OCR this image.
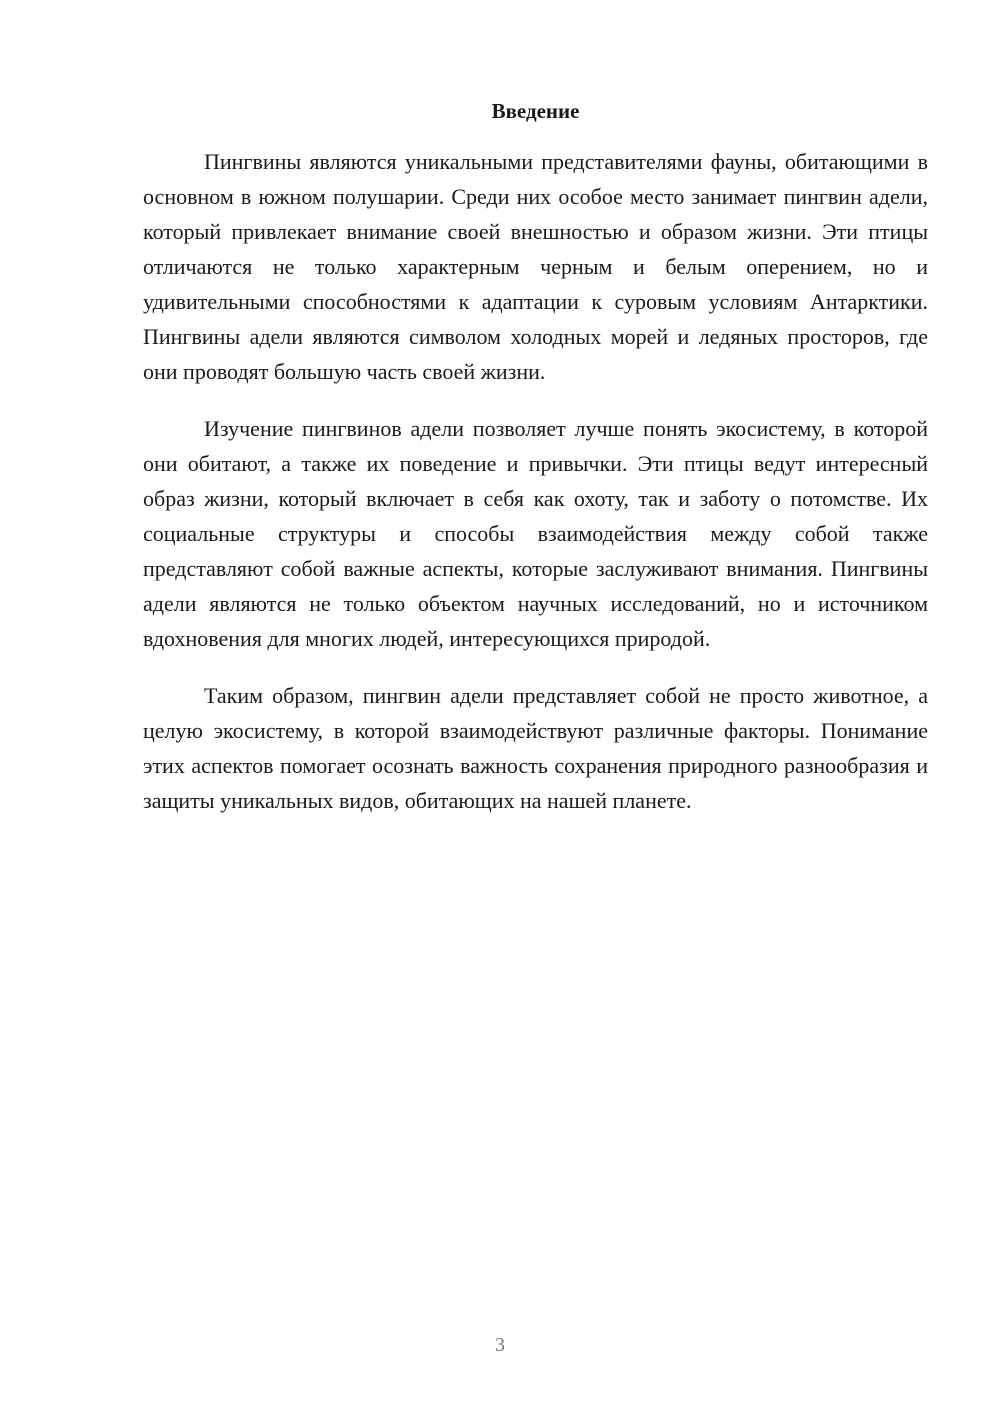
Введение

Пингвины являются уникальными представителями фауны, обитающими в основном в южном полушарии. Среди них особое место занимает пингвин адели, который привлекает внимание своей внешностью и образом жизни. Эти птицы отличаются не только характерным черным и белым оперением, но и удивительными способностями к адаптации к суровым условиям Антарктики. Пингвины адели являются символом холодных морей и ледяных просторов, где они проводят большую часть своей жизни.

Изучение пингвинов адели позволяет лучше понять экосистему, в которой они обитают, а также их поведение и привычки. Эти птицы ведут интересный образ жизни, который включает в себя как охоту, так и заботу о потомстве. Их социальные структуры и способы взаимодействия между собой также представляют собой важные аспекты, которые заслуживают внимания. Пингвины адели являются не только объектом научных исследований, но и источником вдохновения для многих людей, интересующихся природой.

Таким образом, пингвин адели представляет собой не просто животное, а целую экосистему, в которой взаимодействуют различные факторы. Понимание этих аспектов помогает осознать важность сохранения природного разнообразия и защиты уникальных видов, обитающих на нашей планете.

3
